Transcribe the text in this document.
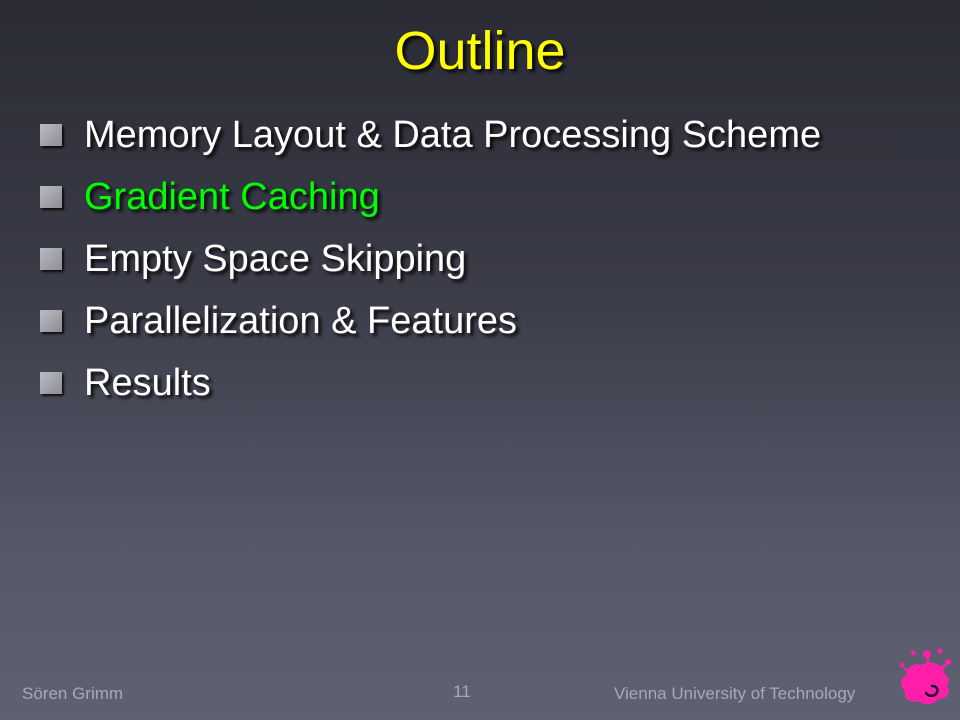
Outline
Memory Layout & Data Processing Scheme
Gradient Caching
Empty Space Skipping
Parallelization & Features
Results
Sören Grimm	11	Vienna University of Technology
